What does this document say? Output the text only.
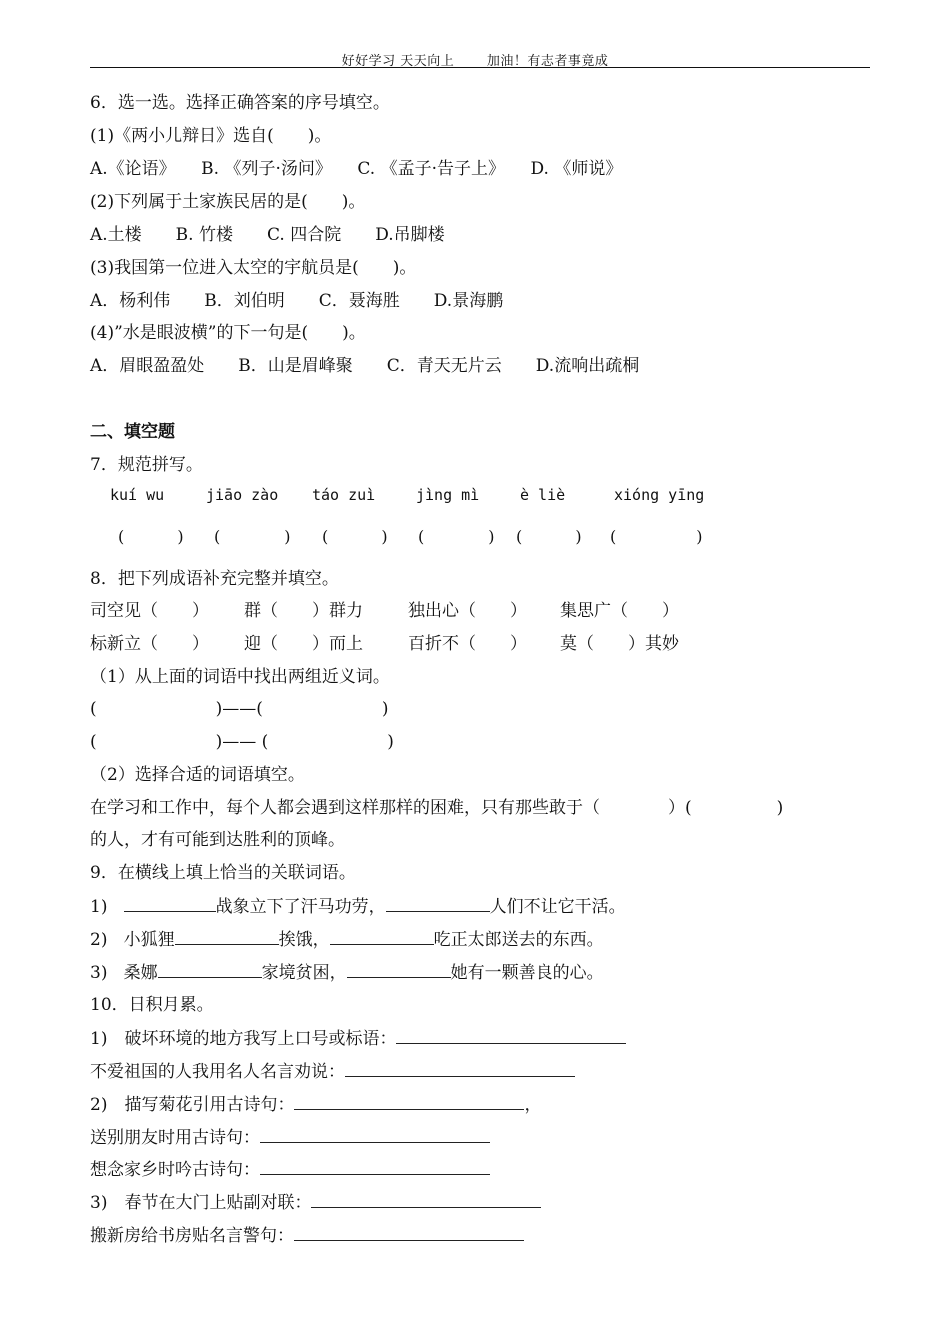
好好学习 天天向上	加油！有志者事竟成
6．选一选。选择正确答案的序号填空。
(1)《两小儿辩日》选自(　　)。
A.《论语》　　B. 《列子·汤问》　　C. 《孟子·告子上》　　D. 《师说》
(2)下列属于土家族民居的是(　　)。
A.土楼　　B. 竹楼　　C. 四合院　　D.吊脚楼
(3)我国第一位进入太空的宇航员是(　　)。
A．杨利伟　　B．刘伯明　　C．聂海胜　　D.景海鹏
(4)”水是眼波横”的下一句是(　　)。
A．眉眼盈盈处　　B．山是眉峰聚　　C．青天无片云　　D.流响出疏桐
二、填空题
7．规范拼写。
kuí wu	jiāo zào táo zuì	jìng mì	è liè	xióng yīng
(　　　 ) (　　　　) (　　　 ) (　　　　) (　　　 ) (　　　　　)
8．把下列成语补充完整并填空。
司空见（　　） 群（　　）群力	独出心（　　） 集思广（　　）
标新立（　　） 迎（　　）而上	百折不（　　） 莫（　　）其妙
（1）从上面的词语中找出两组近义词。
(　　　　　　　)——(　　　　　　　)
(　　　　　　　)—— (　　　　　　　)
（2）选择合适的词语填空。
在学习和工作中，每个人都会遇到这样那样的困难，只有那些敢于（　　　　）(　　　　　)
的人，才有可能到达胜利的顶峰。
9．在横线上填上恰当的关联词语。
1)	战象立下了汗马功劳，	人们不让它干活。
2) 小狐狸	挨饿，	吃正太郎送去的东西。
3) 桑娜	家境贫困，	她有一颗善良的心。
10．日积月累。
1)　破坏环境的地方我写上口号或标语：
不爱祖国的人我用名人名言劝说：
2)　描写菊花引用古诗句：	，
送别朋友时用古诗句：
想念家乡时吟古诗句：
3)　春节在大门上贴副对联：
搬新房给书房贴名言警句：
